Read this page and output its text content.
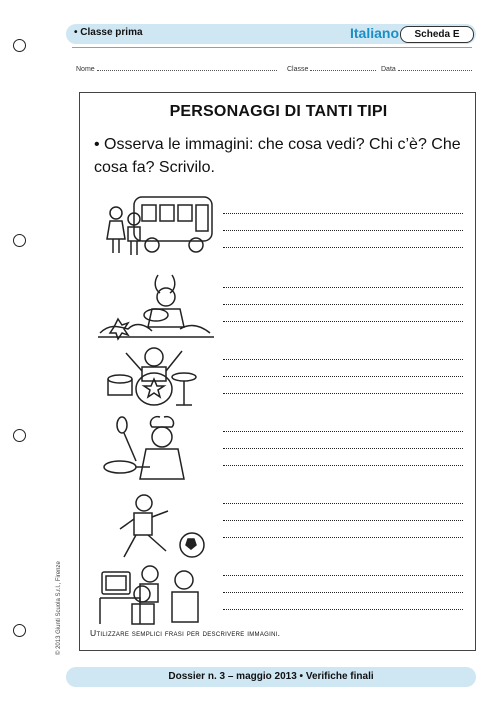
• Classe prima	Italiano	Scheda E
Nome	Classe	Data
PERSONAGGI DI TANTI TIPI
• Osserva le immagini: che cosa vedi? Chi c’è? Che cosa fa? Scrivilo.
Utilizzare semplici frasi per descrivere immagini.
© 2013 Giunti Scuola S.r.l., Firenze
Dossier n. 3 – maggio 2013 • Verifiche finali
